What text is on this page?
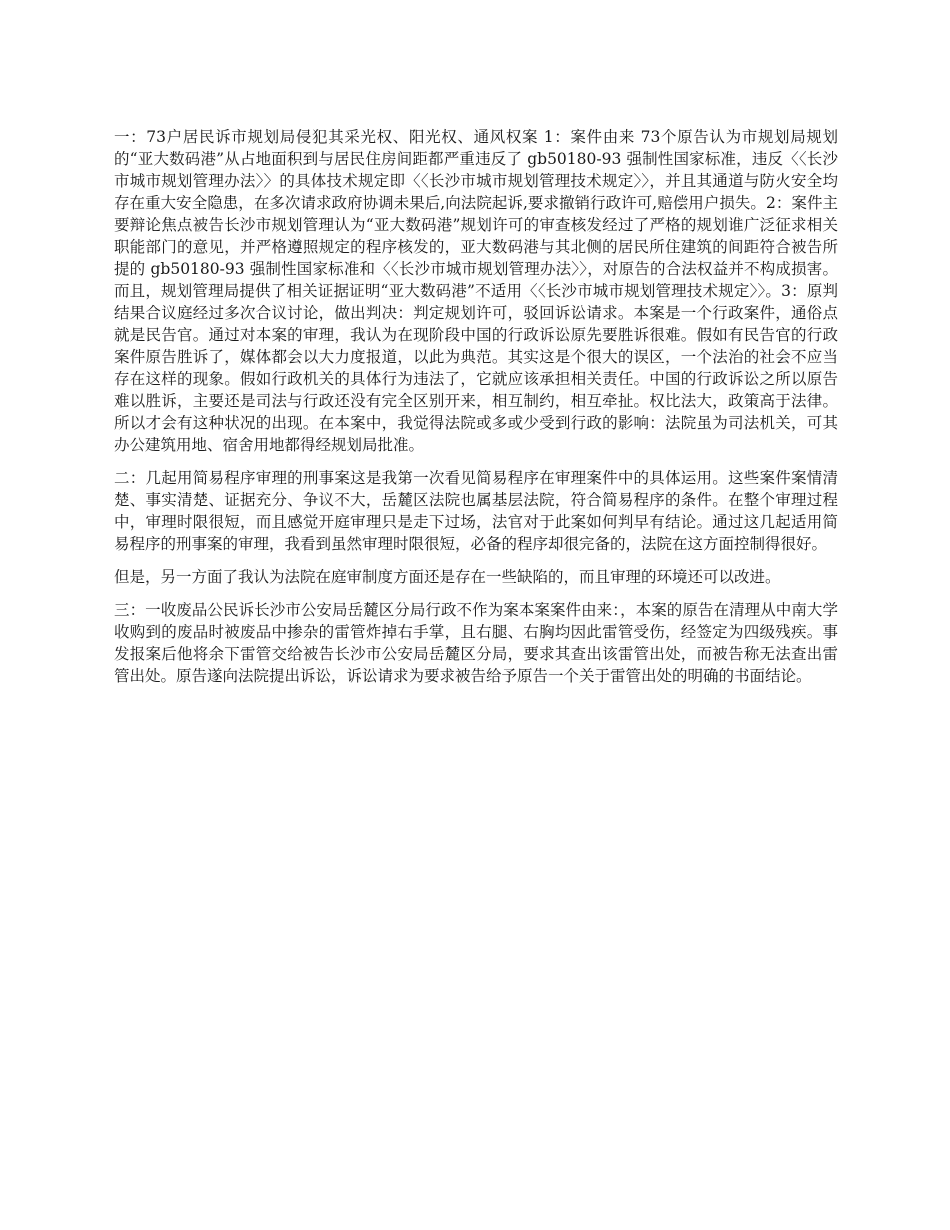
一：73户居民诉市规划局侵犯其采光权、阳光权、通风权案 1：案件由来 73个原告认为市规划局规划的“亚大数码港”从占地面积到与居民住房间距都严重违反了 gb50180-93 强制性国家标准，违反〈〈长沙市城市规划管理办法〉〉的具体技术规定即〈〈长沙市城市规划管理技术规定〉〉，并且其通道与防火安全均存在重大安全隐患，在多次请求政府协调未果后,向法院起诉,要求撤销行政许可,赔偿用户损失。2：案件主要辩论焦点被告长沙市规划管理认为“亚大数码港”规划许可的审查核发经过了严格的规划谁广泛征求相关职能部门的意见，并严格遵照规定的程序核发的，亚大数码港与其北侧的居民所住建筑的间距符合被告所提的 gb50180-93 强制性国家标准和〈〈长沙市城市规划管理办法〉〉，对原告的合法权益并不构成损害。而且，规划管理局提供了相关证据证明“亚大数码港”不适用〈〈长沙市城市规划管理技术规定〉〉。3：原判结果合议庭经过多次合议讨论，做出判决：判定规划许可，驳回诉讼请求。本案是一个行政案件，通俗点就是民告官。通过对本案的审理，我认为在现阶段中国的行政诉讼原先要胜诉很难。假如有民告官的行政案件原告胜诉了，媒体都会以大力度报道，以此为典范。其实这是个很大的误区，一个法治的社会不应当存在这样的现象。假如行政机关的具体行为违法了，它就应该承担相关责任。中国的行政诉讼之所以原告难以胜诉，主要还是司法与行政还没有完全区别开来，相互制约，相互牵扯。权比法大，政策高于法律。所以才会有这种状况的出现。在本案中，我觉得法院或多或少受到行政的影响：法院虽为司法机关，可其办公建筑用地、宿舍用地都得经规划局批准。

二：几起用简易程序审理的刑事案这是我第一次看见简易程序在审理案件中的具体运用。这些案件案情清楚、事实清楚、证据充分、争议不大，岳麓区法院也属基层法院，符合简易程序的条件。在整个审理过程中，审理时限很短，而且感觉开庭审理只是走下过场，法官对于此案如何判早有结论。通过这几起适用简易程序的刑事案的审理，我看到虽然审理时限很短，必备的程序却很完备的，法院在这方面控制得很好。

但是，另一方面了我认为法院在庭审制度方面还是存在一些缺陷的，而且审理的环境还可以改进。

三：一收废品公民诉长沙市公安局岳麓区分局行政不作为案本案案件由来：，本案的原告在清理从中南大学收购到的废品时被废品中掺杂的雷管炸掉右手掌，且右腿、右胸均因此雷管受伤，经签定为四级残疾。事发报案后他将余下雷管交给被告长沙市公安局岳麓区分局，要求其查出该雷管出处，而被告称无法查出雷管出处。原告遂向法院提出诉讼，诉讼请求为要求被告给予原告一个关于雷管出处的明确的书面结论。
